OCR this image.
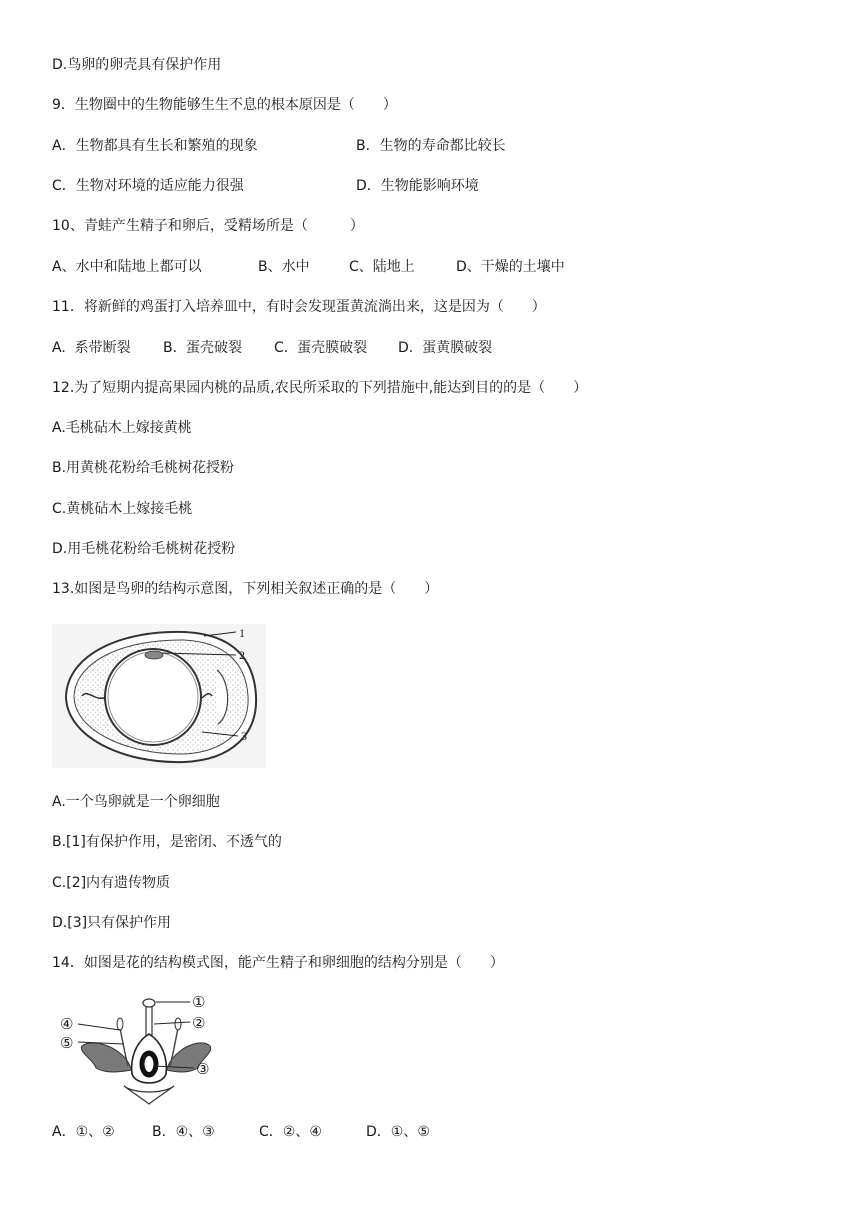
D.鸟卵的卵壳具有保护作用
9．生物圈中的生物能够生生不息的根本原因是（　　）
A．生物都具有生长和繁殖的现象	B．生物的寿命都比较长
C．生物对环境的适应能力很强	D．生物能影响环境
10、青蛙产生精子和卵后，受精场所是（　　　）
A、水中和陆地上都可以	B、水中	C、陆地上	D、干燥的土壤中
11．将新鲜的鸡蛋打入培养皿中，有时会发现蛋黄流淌出来，这是因为（　　）
A.  系带断裂 B.  蛋壳破裂 C.  蛋壳膜破裂 D.  蛋黄膜破裂
12.为了短期内提高果园内桃的品质,农民所采取的下列措施中,能达到目的的是（　　）
A.毛桃砧木上嫁接黄桃
B.用黄桃花粉给毛桃树花授粉
C.黄桃砧木上嫁接毛桃
D.用毛桃花粉给毛桃树花授粉
13.如图是鸟卵的结构示意图，下列相关叙述正确的是（　　）
1
2
3
A.一个鸟卵就是一个卵细胞
B.[1]有保护作用，是密闭、不透气的
C.[2]内有遗传物质
D.[3]只有保护作用
14．如图是花的结构模式图，能产生精子和卵细胞的结构分别是（　　）
①
②
③
④
⑤
A．①、②	B．④、③	C．②、④	D．①、⑤
